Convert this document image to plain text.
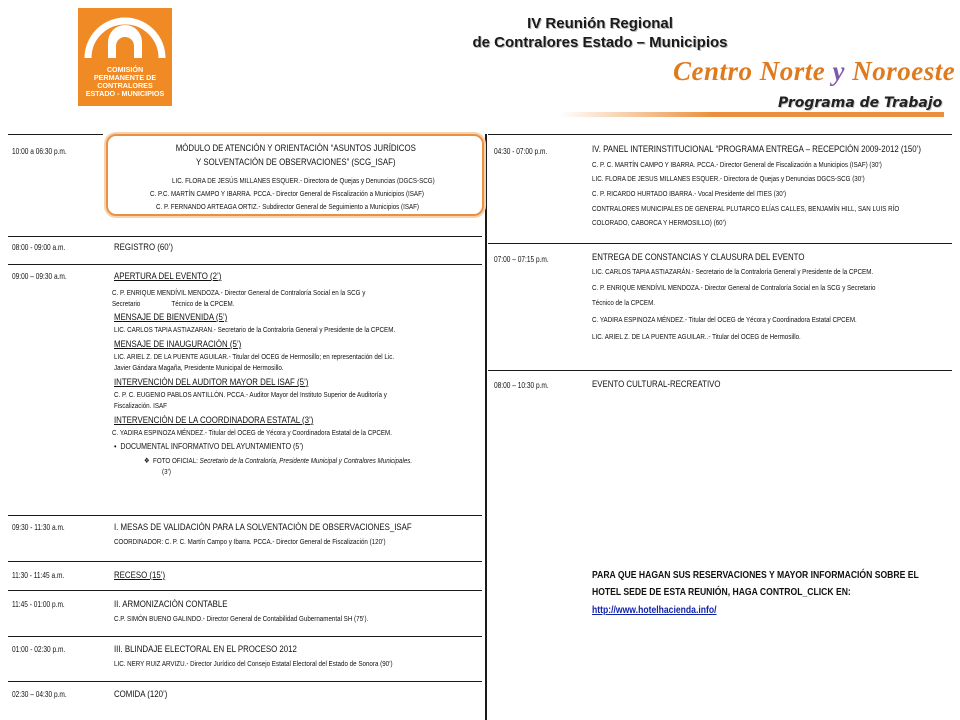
COMISIÓN
PERMANENTE DE
CONTRALORES
ESTADO - MUNICIPIOS
IV Reunión Regional
de Contralores Estado – Municipios
Centro Norte y Noroeste
Programa de Trabajo
10:00 a 06:30 p.m.	MÓDULO DE ATENCIÓN Y ORIENTACIÓN “ASUNTOS JURÍDICOS
Y SOLVENTACIÓN DE OBSERVACIONES” (SCG_ISAF)
LIC. FLORA DE JESÚS MILLANES ESQUER.- Directora de Quejas y Denuncias (DGCS-SCG)
C. P.C. MARTÍN CAMPO Y IBARRA. PCCA.- Director General de Fiscalización a Municipios (ISAF)
C. P. FERNANDO ARTEAGA ORTIZ.- Subdirector General de Seguimiento a Municipios (ISAF)
08:00 - 09:00 a.m.	REGISTRO (60’)
09:00 – 09:30 a.m.	APERTURA DEL EVENTO (2’)
C. P. ENRIQUE MENDÍVIL MENDOZA.- Director General de Contraloría Social en la SCG y
Secretario                  Técnico de la CPCEM.
MENSAJE DE BIENVENIDA (5’)
LIC. CARLOS TAPIA ASTIAZARAN.- Secretario de la Contraloría General y Presidente de la CPCEM.
MENSAJE DE INAUGURACIÓN (5’)
LIC. ARIEL Z. DE LA PUENTE AGUILAR.- Titular del OCEG de Hermosillo; en representación del Lic.
Javier Gándara Magaña, Presidente Municipal de Hermosillo.
INTERVENCIÓN DEL AUDITOR MAYOR DEL ISAF (5’)
C. P. C. EUGENIO PABLOS ANTILLÓN. PCCA.- Auditor Mayor del Instituto Superior de Auditoría y
Fiscalización. ISAF
INTERVENCIÓN DE LA COORDINADORA ESTATAL (3’)
C. YADIRA ESPINOZA MÉNDEZ.- Titular del OCEG de Yécora y Coordinadora Estatal de la CPCEM.
•  DOCUMENTAL INFORMATIVO DEL AYUNTAMIENTO (5’)
❖  FOTO OFICIAL: Secretario de la Contraloría, Presidente Municipal y Contralores Municipales.
(3’)
09:30 - 11:30 a.m.	I. MESAS DE VALIDACIÓN PARA LA SOLVENTACIÓN DE OBSERVACIONES_ISAF
COORDINADOR: C. P. C. Martín Campo y Ibarra. PCCA.- Director General de Fiscalización (120’)
11:30 - 11:45 a.m.	RECESO (15’)
11:45 - 01:00 p.m.	II. ARMONIZACIÓN CONTABLE
C.P. SIMÓN BUENO GALINDO.- Director General de Contabilidad Gubernamental SH (75’).
01:00 - 02:30 p.m.	III. BLINDAJE ELECTORAL EN EL PROCESO 2012
LIC. NERY RUIZ ARVIZU.- Director Jurídico del Consejo Estatal Electoral del Estado de Sonora (90’)
02:30 – 04:30 p.m.	COMIDA (120’)
04:30 - 07:00 p.m.	IV. PANEL INTERINSTITUCIONAL “PROGRAMA ENTREGA – RECEPCIÓN 2009-2012 (150’)
C. P. C. MARTÍN CAMPO Y IBARRA. PCCA.- Director General de Fiscalización a Municipios (ISAF) (30’)
LIC. FLORA DE JESUS MILLANES ESQUER.- Directora de Quejas y Denuncias DGCS-SCG (30’)
C. P. RICARDO HURTADO IBARRA.- Vocal Presidente del ITIES (30’)
CONTRALORES MUNICIPALES DE GENERAL PLUTARCO ELÍAS CALLES, BENJAMÍN HILL, SAN LUIS RÍO
COLORADO, CABORCA Y HERMOSILLO) (60’)
07:00 – 07:15 p.m.	ENTREGA DE CONSTANCIAS Y CLAUSURA DEL EVENTO
LIC. CARLOS TAPIA ASTIAZARÁN.- Secretario de la Contraloría General y Presidente de la CPCEM.
C. P. ENRIQUE MENDÍVIL MENDOZA.- Director General de Contraloría Social en la SCG y Secretario
Técnico de la CPCEM.
C. YADIRA ESPINOZA MÉNDEZ.- Titular del OCEG de Yécora y Coordinadora Estatal CPCEM.
LIC. ARIEL Z. DE LA PUENTE AGUILAR..- Titular del OCEG de Hermosillo.
08:00 – 10:30 p.m.	EVENTO CULTURAL-RECREATIVO
PARA QUE HAGAN SUS RESERVACIONES Y MAYOR INFORMACIÓN SOBRE EL
HOTEL SEDE DE ESTA REUNIÓN, HAGA CONTROL_CLICK EN:
http://www.hotelhacienda.info/
